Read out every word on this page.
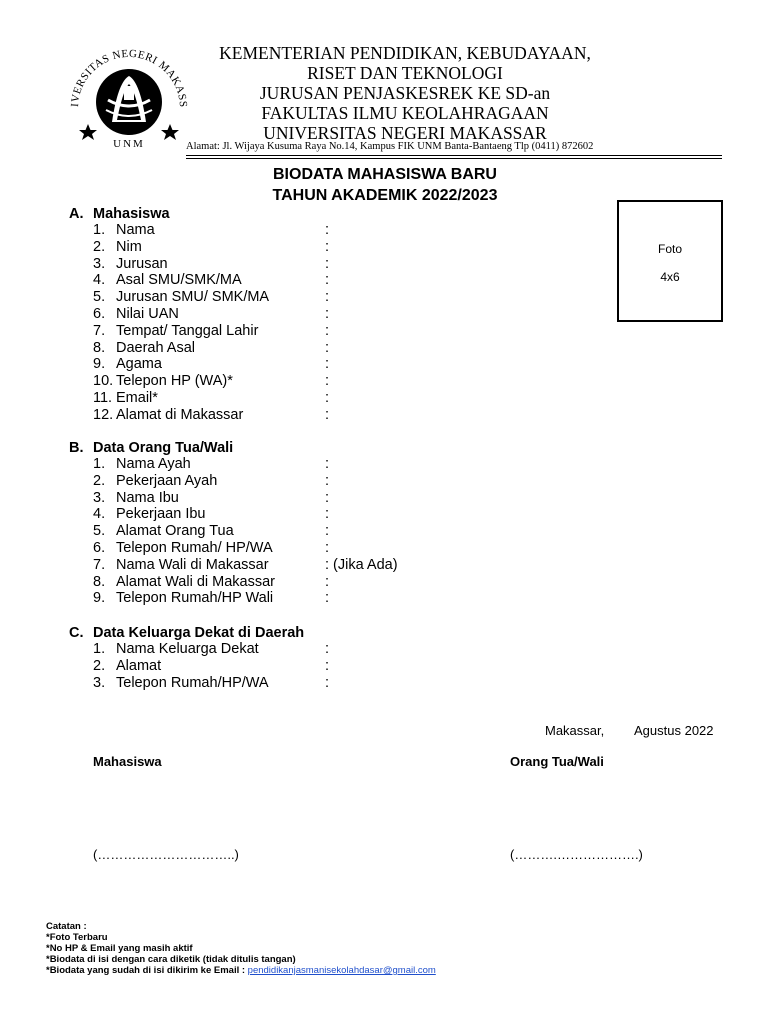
IVERSITAS NEGERI MAKASS
UNM
KEMENTERIAN PENDIDIKAN, KEBUDAYAAN,
RISET DAN TEKNOLOGI
JURUSAN PENJASKESREK KE SD-an
FAKULTAS ILMU KEOLAHRAGAAN
UNIVERSITAS NEGERI MAKASSAR
Alamat: Jl. Wijaya Kusuma Raya No.14, Kampus FIK UNM Banta-Bantaeng Tlp (0411) 872602
BIODATA MAHASISWA BARU
TAHUN AKADEMIK 2022/2023
Foto
4x6
A. Mahasiswa
1. Nama	:
2. Nim	:
3. Jurusan	:
4. Asal SMU/SMK/MA	:
5. Jurusan SMU/ SMK/MA	:
6. Nilai UAN	:
7. Tempat/ Tanggal Lahir	:
8. Daerah Asal	:
9. Agama	:
10. Telepon HP (WA)*	:
11. Email*	:
12. Alamat di Makassar	:
B. Data Orang Tua/Wali
1. Nama Ayah	:
2. Pekerjaan Ayah	:
3. Nama Ibu	:
4. Pekerjaan Ibu	:
5. Alamat Orang Tua	:
6. Telepon Rumah/ HP/WA	:
7. Nama Wali di Makassar	: (Jika Ada)
8. Alamat Wali di Makassar	:
9. Telepon Rumah/HP Wali	:
C. Data Keluarga Dekat di Daerah
1. Nama Keluarga Dekat	:
2. Alamat	:
3. Telepon Rumah/HP/WA	:
Makassar, Agustus 2022
Mahasiswa	Orang Tua/Wali
(…………………………..)	(……….……………….)
Catatan :
*Foto Terbaru
*No HP & Email yang masih aktif
*Biodata di isi dengan cara diketik (tidak ditulis tangan)
*Biodata yang sudah di isi dikirim ke Email : pendidikanjasmanisekolahdasar@gmail.com
